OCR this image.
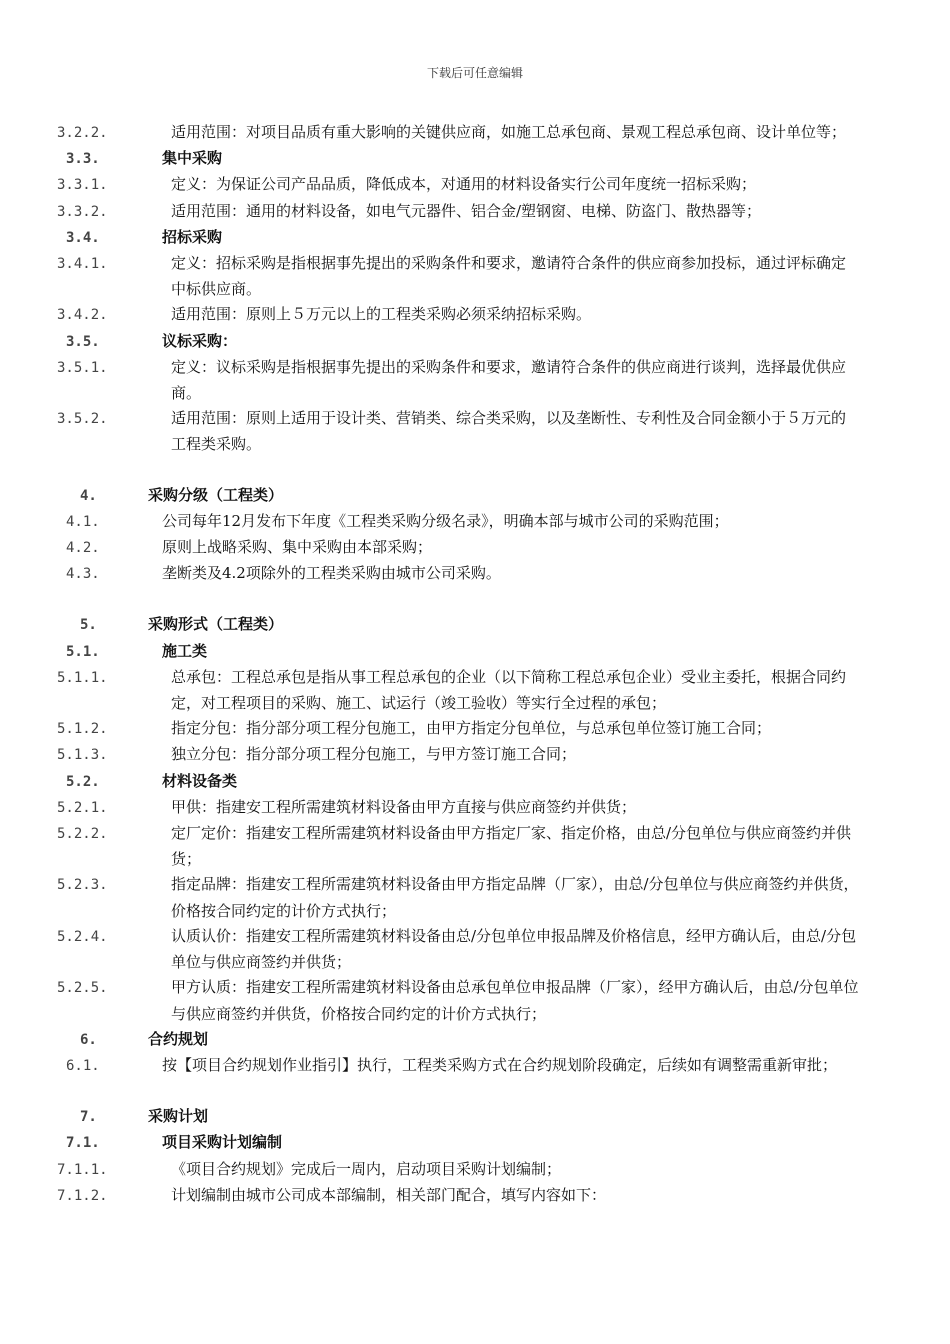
下载后可任意编辑

3.2.2.	适用范围：对项目品质有重大影响的关键供应商，如施工总承包商、景观工程总承包商、设计单位等；

3.3.	集中采购

3.3.1.	定义：为保证公司产品品质，降低成本，对通用的材料设备实行公司年度统一招标采购；

3.3.2.	适用范围：通用的材料设备，如电气元器件、铝合金/塑钢窗、电梯、防盗门、散热器等；

3.4.	招标采购

3.4.1.	定义：招标采购是指根据事先提出的采购条件和要求，邀请符合条件的供应商参加投标，通过评标确定中标供应商。

3.4.2.	适用范围：原则上５万元以上的工程类采购必须采纳招标采购。

3.5.	议标采购：

3.5.1.	定义：议标采购是指根据事先提出的采购条件和要求，邀请符合条件的供应商进行谈判，选择最优供应商。

3.5.2.	适用范围：原则上适用于设计类、营销类、综合类采购，以及垄断性、专利性及合同金额小于５万元的工程类采购。

4.	采购分级（工程类）

4.1.	公司每年12月发布下年度《工程类采购分级名录》，明确本部与城市公司的采购范围；

4.2.	原则上战略采购、集中采购由本部采购；

4.3.	垄断类及4.2项除外的工程类采购由城市公司采购。

5.	采购形式（工程类）

5.1.	施工类

5.1.1.	总承包：工程总承包是指从事工程总承包的企业（以下简称工程总承包企业）受业主委托，根据合同约定，对工程项目的采购、施工、试运行（竣工验收）等实行全过程的承包；

5.1.2.	指定分包：指分部分项工程分包施工，由甲方指定分包单位，与总承包单位签订施工合同；

5.1.3.	独立分包：指分部分项工程分包施工，与甲方签订施工合同；

5.2.	材料设备类

5.2.1.	甲供：指建安工程所需建筑材料设备由甲方直接与供应商签约并供货；

5.2.2.	定厂定价：指建安工程所需建筑材料设备由甲方指定厂家、指定价格，由总/分包单位与供应商签约并供货；

5.2.3.	指定品牌：指建安工程所需建筑材料设备由甲方指定品牌（厂家），由总/分包单位与供应商签约并供货，价格按合同约定的计价方式执行；

5.2.4.	认质认价：指建安工程所需建筑材料设备由总/分包单位申报品牌及价格信息，经甲方确认后，由总/分包单位与供应商签约并供货；

5.2.5.	甲方认质：指建安工程所需建筑材料设备由总承包单位申报品牌（厂家），经甲方确认后，由总/分包单位与供应商签约并供货，价格按合同约定的计价方式执行；

6.	合约规划

6.1.	按【项目合约规划作业指引】执行，工程类采购方式在合约规划阶段确定，后续如有调整需重新审批；

7.	采购计划

7.1.	项目采购计划编制

7.1.1.	《项目合约规划》完成后一周内，启动项目采购计划编制；

7.1.2.	计划编制由城市公司成本部编制，相关部门配合，填写内容如下：
